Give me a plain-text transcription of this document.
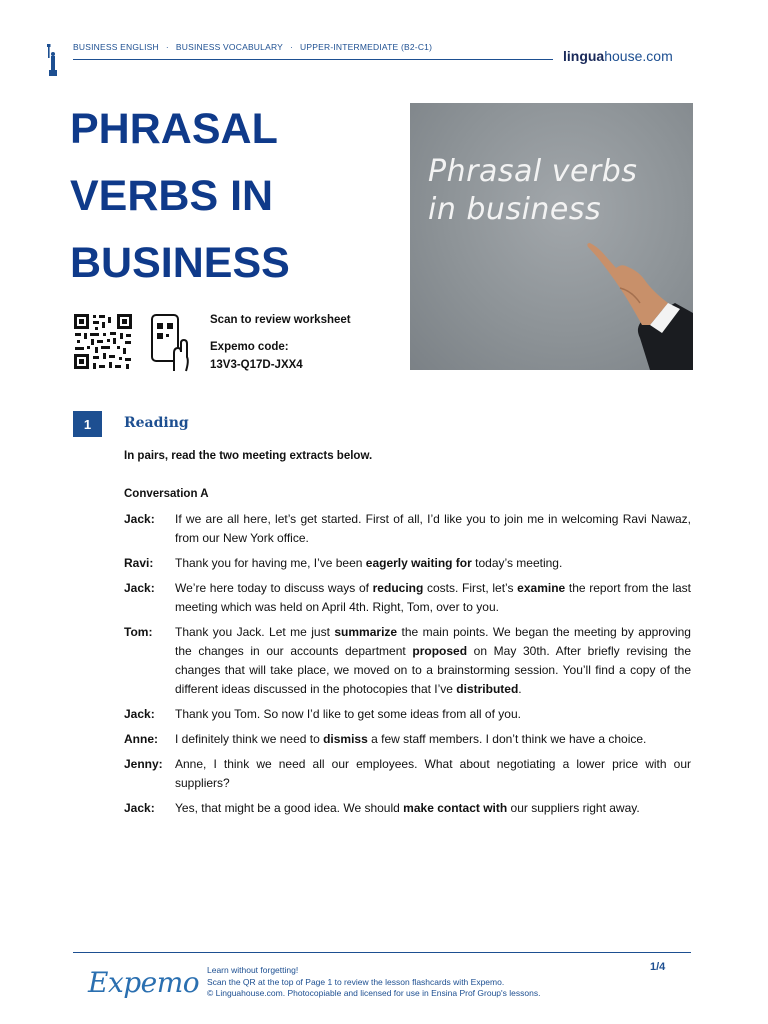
BUSINESS ENGLISH · BUSINESS VOCABULARY · UPPER-INTERMEDIATE (B2-C1)
linguahouse.com
PHRASAL
VERBS IN
BUSINESS
Phrasal verbs
in business
Scan to review worksheet
Expemo code:
13V3-Q17D-JXX4
1	Reading
In pairs, read the two meeting extracts below.
Conversation A
Jack:	If we are all here, let’s get started. First of all, I’d like you to join me in welcoming Ravi Nawaz, from our New York office.
Ravi:	Thank you for having me, I’ve been eagerly waiting for today’s meeting.
Jack:	We’re here today to discuss ways of reducing costs. First, let’s examine the report from the last meeting which was held on April 4th. Right, Tom, over to you.
Tom:	Thank you Jack. Let me just summarize the main points. We began the meeting by approving the changes in our accounts department proposed on May 30th. After briefly revising the changes that will take place, we moved on to a brainstorming session. You’ll find a copy of the different ideas discussed in the photocopies that I’ve distributed.
Jack:	Thank you Tom. So now I’d like to get some ideas from all of you.
Anne:	I definitely think we need to dismiss a few staff members. I don’t think we have a choice.
Jenny:	Anne, I think we need all our employees. What about negotiating a lower price with our suppliers?
Jack:	Yes, that might be a good idea. We should make contact with our suppliers right away.
Expemo Learn without forgetting!
Scan the QR at the top of Page 1 to review the lesson flashcards with Expemo.
© Linguahouse.com. Photocopiable and licensed for use in Ensina Prof Group's lessons.
1/4
